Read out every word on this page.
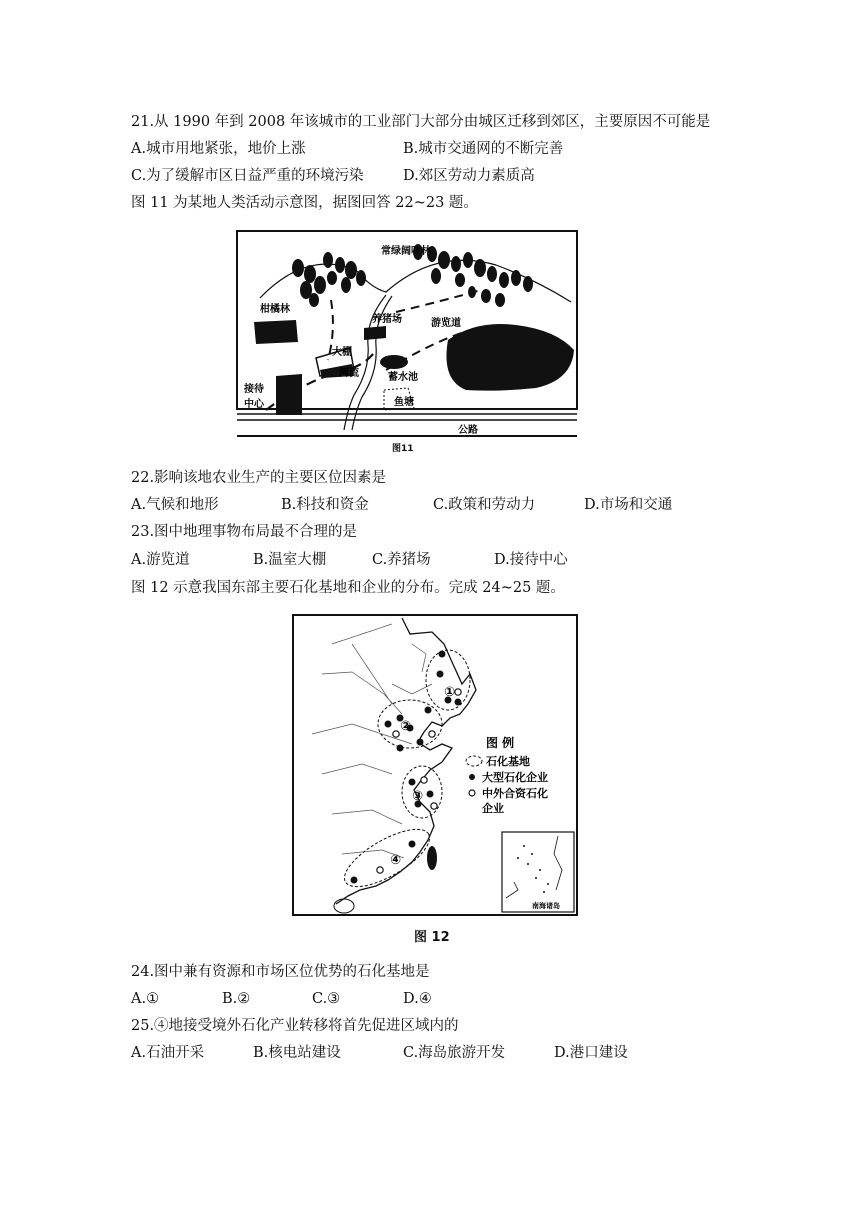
21.从 1990 年到 2008 年该城市的工业部门大部分由城区迁移到郊区，主要原因不可能是
A.城市用地紧张，地价上涨	B.城市交通网的不断完善
C.为了缓解市区日益严重的环境污染	D.郊区劳动力素质高
图 11 为某地人类活动示意图，据图回答 22~23 题。
常绿阔叶林
柑橘林
养猪场	游览道
大棚
河流	蓄水池
接待
中心	鱼塘
公路
图11
22.影响该地农业生产的主要区位因素是
A.气候和地形	B.科技和资金	C.政策和劳动力	D.市场和交通
23.图中地理事物布局最不合理的是
A.游览道	B.温室大棚	C.养猪场	D.接待中心
图 12 示意我国东部主要石化基地和企业的分布。完成 24~25 题。
①
②
③
④
图 例
石化基地
大型石化企业
中外合资石化
企业
南海诸岛
图 12
24.图中兼有资源和市场区位优势的石化基地是
A.①	B.②	C.③	D.④
25.④地接受境外石化产业转移将首先促进区域内的
A.石油开采	B.核电站建设	C.海岛旅游开发	D.港口建设
